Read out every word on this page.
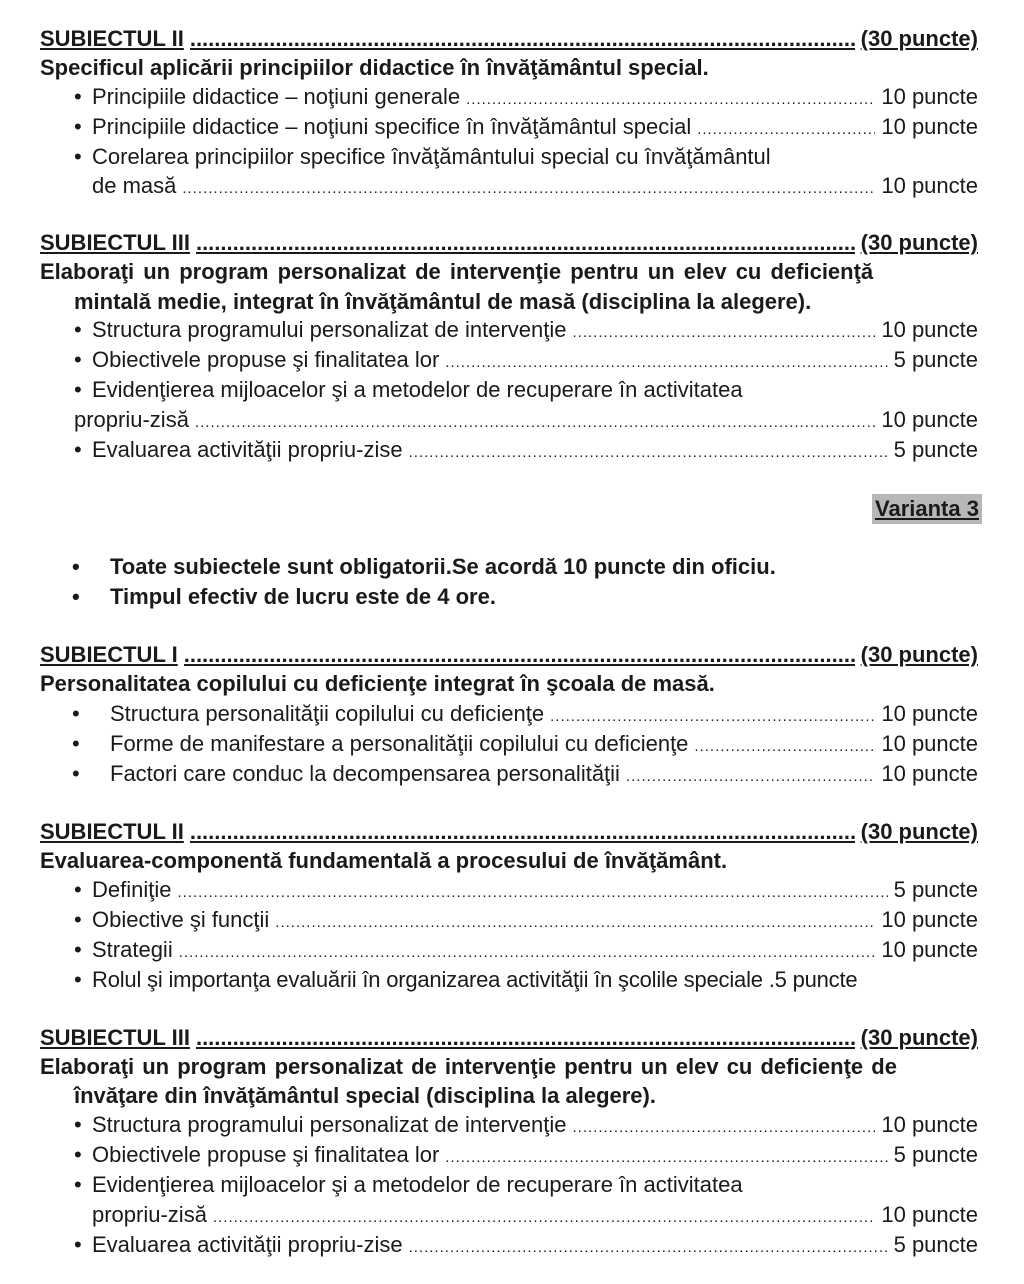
SUBIECTUL II .....	(30 puncte)
Specificul aplicării principiilor didactice în învăţământul special.
• Principiile didactice – noţiuni generale .....	10 puncte
• Principiile didactice – noţiuni specifice în învăţământul special .....	10 puncte
• Corelarea principiilor specifice învăţământului special cu învăţământul
de masă .....	10 puncte
SUBIECTUL III .....	(30 puncte)
Elaboraţi un program personalizat de intervenţie pentru un elev cu deficienţă
mintală medie, integrat în învăţământul de masă (disciplina la alegere).
• Structura programului personalizat de intervenţie .....	10 puncte
• Obiectivele propuse şi finalitatea lor .....	5 puncte
• Evidenţierea mijloacelor şi a metodelor de recuperare în activitatea
propriu-zisă .....	10 puncte
• Evaluarea activităţii propriu-zise .....	5 puncte
Varianta 3
• Toate subiectele sunt obligatorii.Se acordă 10 puncte din oficiu.
• Timpul efectiv de lucru este de 4 ore.
SUBIECTUL I .....	(30 puncte)
Personalitatea copilului cu deficienţe integrat în şcoala de masă.
•	Structura personalităţii copilului cu deficienţe .....	10 puncte
•	Forme de manifestare a personalităţii copilului cu deficienţe .....	10 puncte
•	Factori care conduc la decompensarea personalităţii .....	10 puncte
SUBIECTUL II .....	(30 puncte)
Evaluarea-componentă fundamentală a procesului de învăţământ.
• Definiţie .....	5 puncte
• Obiective şi funcţii .....	10 puncte
• Strategii .....	10 puncte
• Rolul şi importanţa evaluării în organizarea activităţii în şcolile speciale .5 puncte
SUBIECTUL III .....	(30 puncte)
Elaboraţi un program personalizat de intervenţie pentru un elev cu deficienţe de
învăţare din învăţământul special (disciplina la alegere).
• Structura programului personalizat de intervenţie .....	10 puncte
• Obiectivele propuse şi finalitatea lor .....	5 puncte
• Evidenţierea mijloacelor şi a metodelor de recuperare în activitatea
propriu-zisă .....	10 puncte
• Evaluarea activităţii propriu-zise .....	5 puncte
